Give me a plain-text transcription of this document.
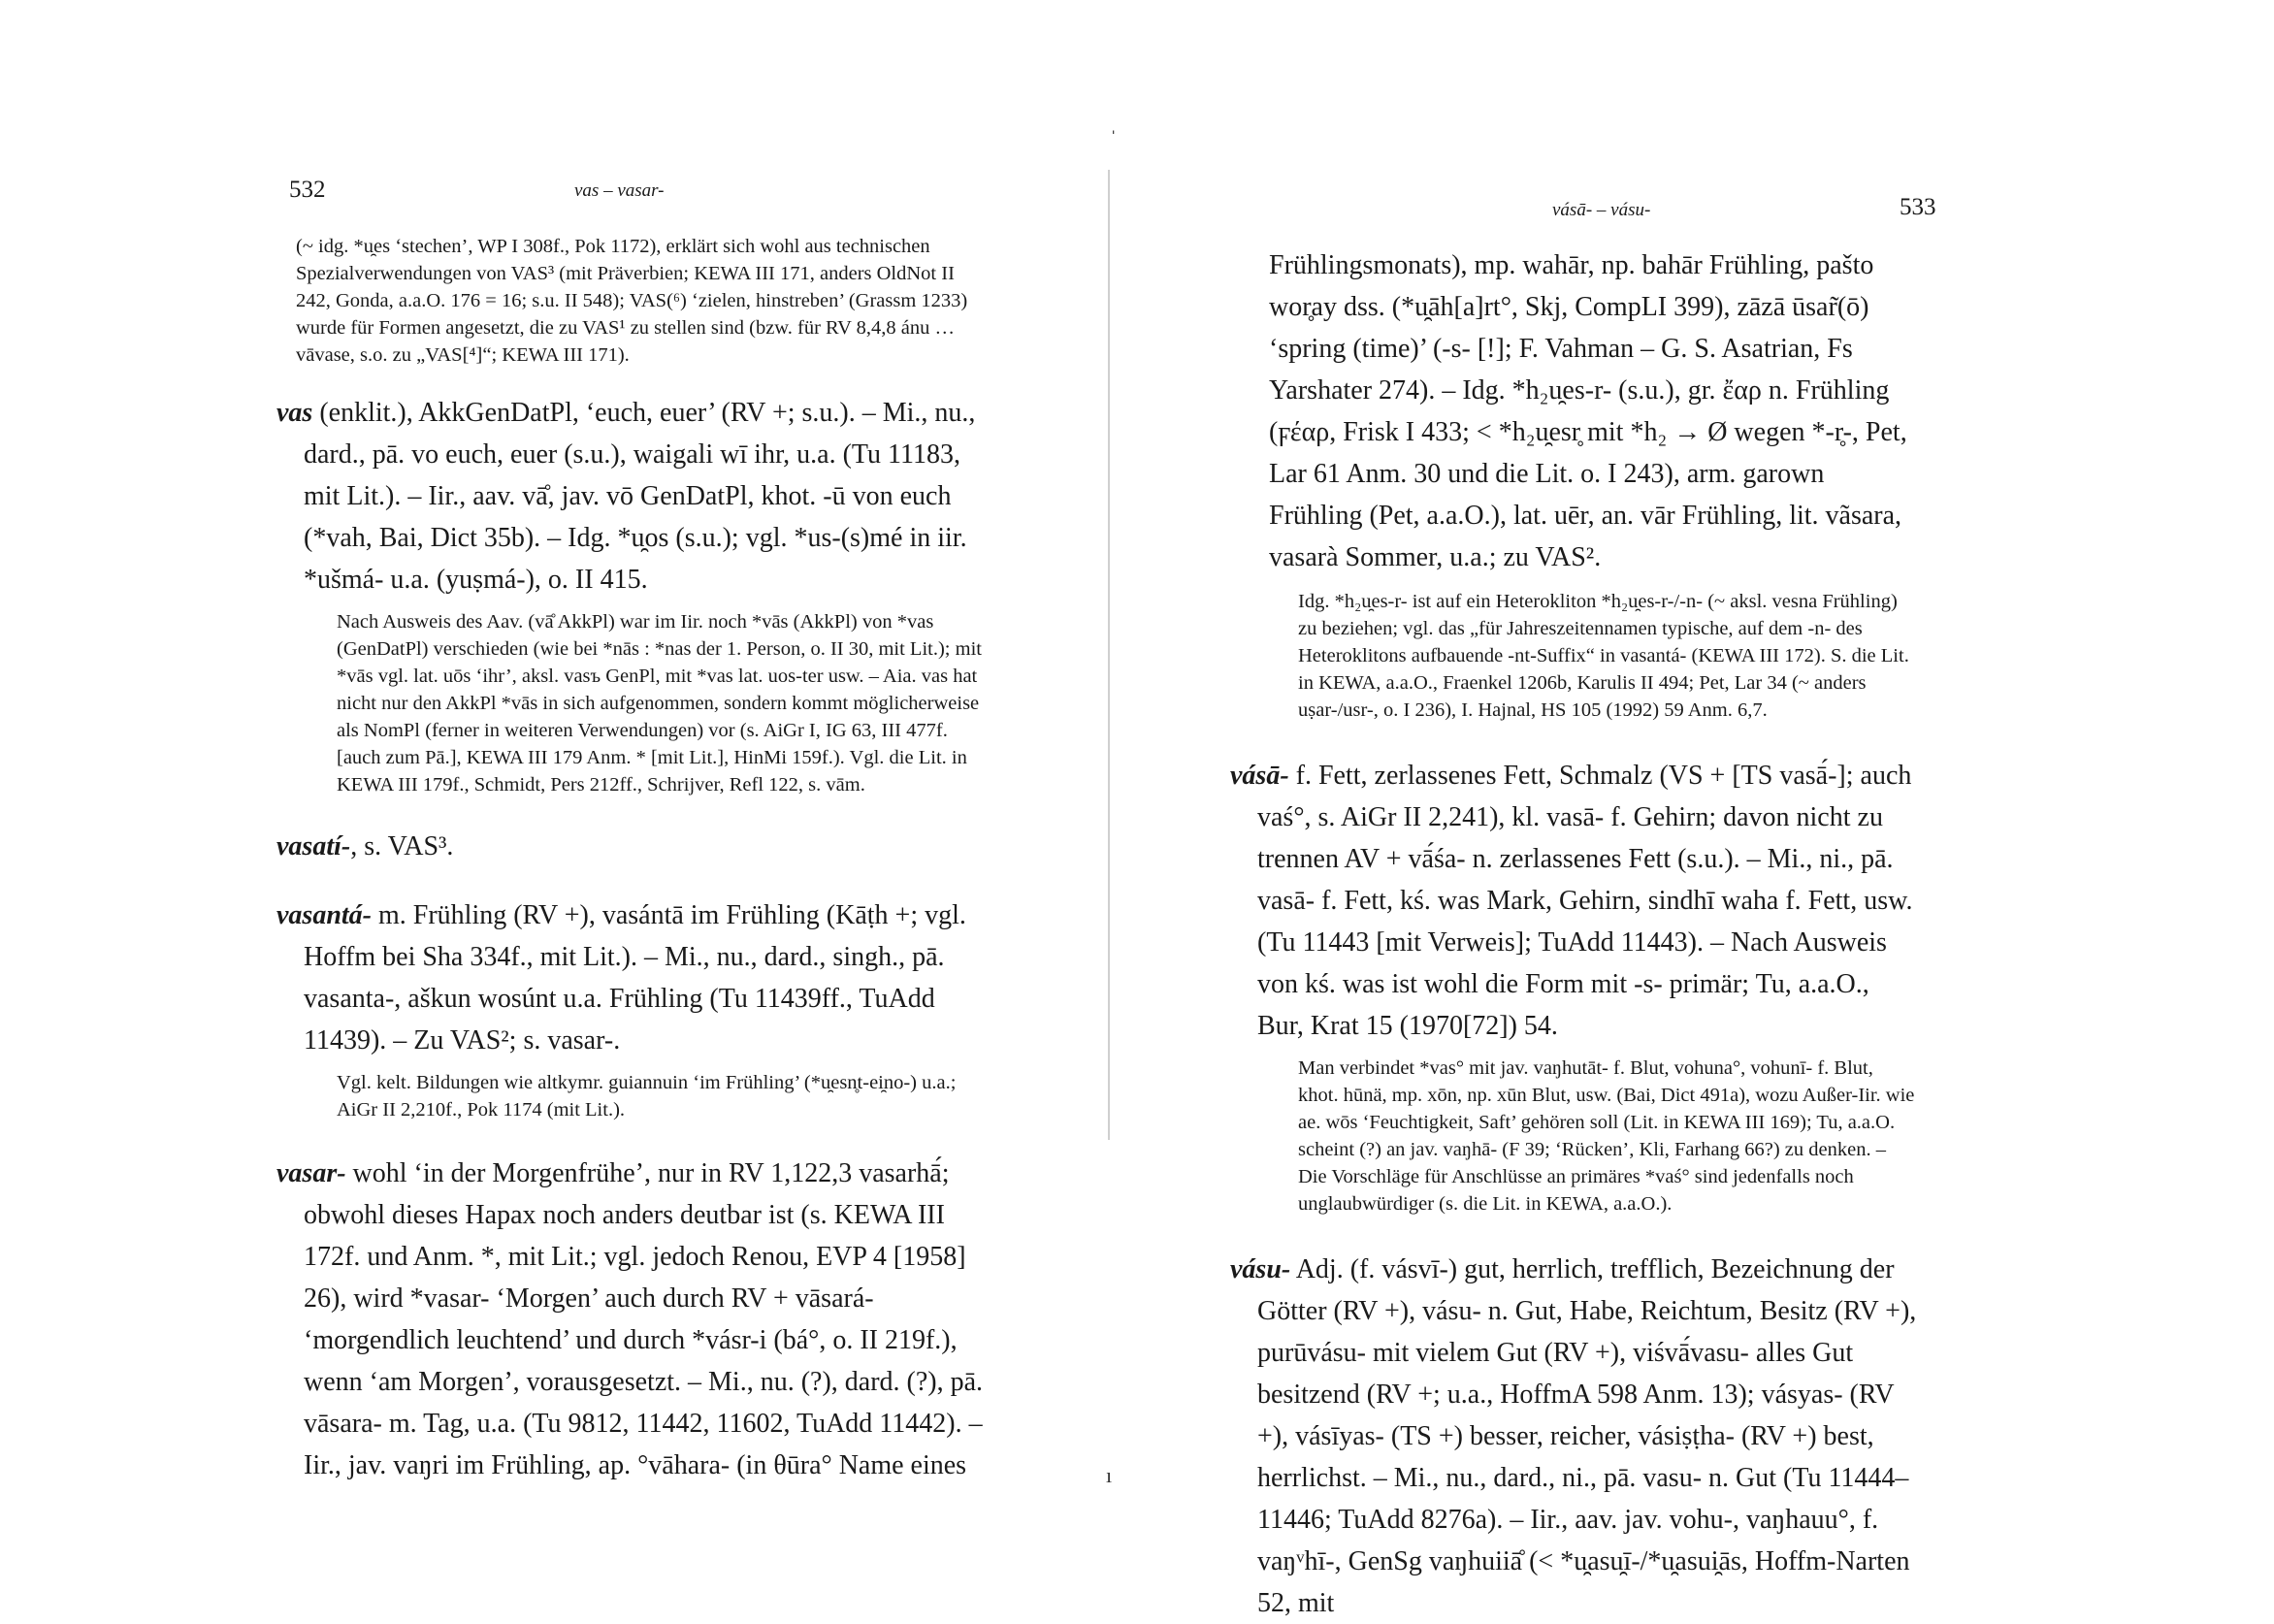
ˈ
ı
532	vas – vasar-

(~ idg. *u̯es ‘stechen’, WP I 308f., Pok 1172), erklärt sich wohl aus technischen Spezialverwendungen von VAS³ (mit Präverbien; KEWA III 171, anders OldNot II 242, Gonda, a.a.O. 176 = 16; s.u. II 548); VAS(⁶) ‘zielen, hinstreben’ (Grassm 1233) wurde für Formen angesetzt, die zu VAS¹ zu stellen sind (bzw. für RV 8,4,8 ánu … vāvase, s.o. zu „VAS[⁴]“; KEWA III 171).

vas (enklit.), AkkGenDatPl, ‘euch, euer’ (RV +; s.u.). – Mi., nu., dard., pā. vo euch, euer (s.u.), waigali wī ihr, u.a. (Tu 11183, mit Lit.). – Iir., aav. vā̊, jav. vō GenDatPl, khot. -ū von euch (*vah, Bai, Dict 35b). – Idg. *u̯os (s.u.); vgl. *us-(s)mé in iir. *ušmá- u.a. (yuṣmá-), o. II 415.

Nach Ausweis des Aav. (vā̊ AkkPl) war im Iir. noch *vās (AkkPl) von *vas (GenDatPl) verschieden (wie bei *nās : *nas der 1. Person, o. II 30, mit Lit.); mit *vās vgl. lat. uōs ‘ihr’, aksl. vasъ GenPl, mit *vas lat. uos-ter usw. – Aia. vas hat nicht nur den AkkPl *vās in sich aufgenommen, sondern kommt möglicherweise als NomPl (ferner in weiteren Verwendungen) vor (s. AiGr I, IG 63, III 477f. [auch zum Pā.], KEWA III 179 Anm. * [mit Lit.], HinMi 159f.). Vgl. die Lit. in KEWA III 179f., Schmidt, Pers 212ff., Schrijver, Refl 122, s. vām.

vasatí-, s. VAS³.

vasantá- m. Frühling (RV +), vasántā im Frühling (Kāṭh +; vgl. Hoffm bei Sha 334f., mit Lit.). – Mi., nu., dard., singh., pā. vasanta-, aškun wosúnt u.a. Frühling (Tu 11439ff., TuAdd 11439). – Zu VAS²; s. vasar-.

Vgl. kelt. Bildungen wie altkymr. guiannuin ‘im Frühling’ (*u̯esn̥t-ei̯no-) u.a.; AiGr II 2,210f., Pok 1174 (mit Lit.).

vasar- wohl ‘in der Morgenfrühe’, nur in RV 1,122,3 vasarhā́; obwohl dieses Hapax noch anders deutbar ist (s. KEWA III 172f. und Anm. *, mit Lit.; vgl. jedoch Renou, EVP 4 [1958] 26), wird *vasar- ‘Morgen’ auch durch RV + vāsará- ‘morgendlich leuchtend’ und durch *vásr-i (bá°, o. II 219f.), wenn ‘am Morgen’, vorausgesetzt. – Mi., nu. (?), dard. (?), pā. vāsara- m. Tag, u.a. (Tu 9812, 11442, 11602, TuAdd 11442). – Iir., jav. vaŋri im Frühling, ap. °vāhara- (in θūra° Name eines

vásā- – vásu-	533

Frühlingsmonats), mp. wahār, np. bahār Frühling, pašto wor̥ay dss. (*u̯āh[a]rt°, Skj, CompLI 399), zāzā ūsar̃(ō) ‘spring (time)’ (-s- [!]; F. Vahman – G. S. Asatrian, Fs Yarshater 274). – Idg. *h₂u̯es-r- (s.u.), gr. ἔαρ n. Frühling (ϝέαρ, Frisk I 433; < *h₂u̯esr̥ mit *h₂ → Ø wegen *-r̥-, Pet, Lar 61 Anm. 30 und die Lit. o. I 243), arm. garown Frühling (Pet, a.a.O.), lat. uēr, an. vār Frühling, lit. vãsara, vasarà Sommer, u.a.; zu VAS².

Idg. *h₂u̯es-r- ist auf ein Heterokliton *h₂u̯es-r-/-n- (~ aksl. vesna Frühling) zu beziehen; vgl. das „für Jahreszeitennamen typische, auf dem -n- des Heteroklitons aufbauende -nt-Suffix“ in vasantá- (KEWA III 172). S. die Lit. in KEWA, a.a.O., Fraenkel 1206b, Karulis II 494; Pet, Lar 34 (~ anders uṣar-/usr-, o. I 236), I. Hajnal, HS 105 (1992) 59 Anm. 6,7.

vásā- f. Fett, zerlassenes Fett, Schmalz (VS + [TS vasā́-]; auch vaś°, s. AiGr II 2,241), kl. vasā- f. Gehirn; davon nicht zu trennen AV + vā́śa- n. zerlassenes Fett (s.u.). – Mi., ni., pā. vasā- f. Fett, kś. was Mark, Gehirn, sindhī waha f. Fett, usw. (Tu 11443 [mit Verweis]; TuAdd 11443). – Nach Ausweis von kś. was ist wohl die Form mit -s- primär; Tu, a.a.O., Bur, Krat 15 (1970[72]) 54.

Man verbindet *vas° mit jav. vaŋhutāt- f. Blut, vohuna°, vohunī- f. Blut, khot. hūnä, mp. xōn, np. xūn Blut, usw. (Bai, Dict 491a), wozu Außer-Iir. wie ae. wōs ‘Feuchtigkeit, Saft’ gehören soll (Lit. in KEWA III 169); Tu, a.a.O. scheint (?) an jav. vaŋhā- (F 39; ‘Rücken’, Kli, Farhang 66?) zu denken. – Die Vorschläge für Anschlüsse an primäres *vaś° sind jedenfalls noch unglaubwürdiger (s. die Lit. in KEWA, a.a.O.).

vásu- Adj. (f. vásvī-) gut, herrlich, trefflich, Bezeichnung der Götter (RV +), vásu- n. Gut, Habe, Reichtum, Besitz (RV +), purūvásu- mit vielem Gut (RV +), viśvā́vasu- alles Gut besitzend (RV +; u.a., HoffmA 598 Anm. 13); vásyas- (RV +), vásīyas- (TS +) besser, reicher, vásiṣṭha- (RV +) best, herrlichst. – Mi., nu., dard., ni., pā. vasu- n. Gut (Tu 11444–11446; TuAdd 8276a). – Iir., aav. jav. vohu-, vaŋhauu°, f. vaŋᵛhī-, GenSg vaŋhuiiā̊ (< *u̯asu̯ī-/*u̯asui̯ās, Hoffm-Narten 52, mit
